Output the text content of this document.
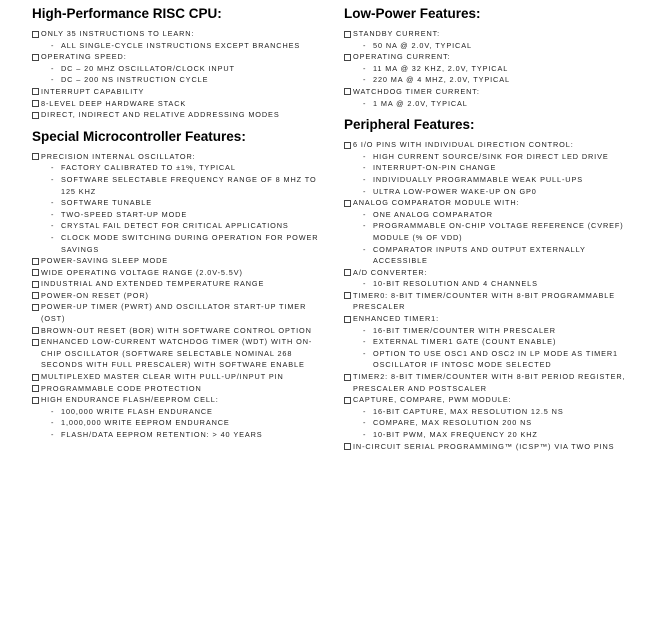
High-Performance RISC CPU:
ONLY 35 INSTRUCTIONS TO LEARN:
- ALL SINGLE-CYCLE INSTRUCTIONS EXCEPT BRANCHES
OPERATING SPEED:
- DC – 20 MHZ OSCILLATOR/CLOCK INPUT
- DC – 200 NS INSTRUCTION CYCLE
INTERRUPT CAPABILITY
8-LEVEL DEEP HARDWARE STACK
DIRECT, INDIRECT AND RELATIVE ADDRESSING MODES
Special Microcontroller Features:
PRECISION INTERNAL OSCILLATOR:
- FACTORY CALIBRATED TO ±1%, TYPICAL
- SOFTWARE SELECTABLE FREQUENCY RANGE OF 8 MHZ TO 125 KHZ
- SOFTWARE TUNABLE
- TWO-SPEED START-UP MODE
- CRYSTAL FAIL DETECT FOR CRITICAL APPLICATIONS
- CLOCK MODE SWITCHING DURING OPERATION FOR POWER SAVINGS
POWER-SAVING SLEEP MODE
WIDE OPERATING VOLTAGE RANGE (2.0V-5.5V)
INDUSTRIAL AND EXTENDED TEMPERATURE RANGE
POWER-ON RESET (POR)
POWER-UP TIMER (PWRT) AND OSCILLATOR START-UP TIMER (OST)
BROWN-OUT RESET (BOR) WITH SOFTWARE CONTROL OPTION
ENHANCED LOW-CURRENT WATCHDOG TIMER (WDT) WITH ON-CHIP OSCILLATOR (SOFTWARE SELECTABLE NOMINAL 268 SECONDS WITH FULL PRESCALER) WITH SOFTWARE ENABLE
MULTIPLEXED MASTER CLEAR WITH PULL-UP/INPUT PIN
PROGRAMMABLE CODE PROTECTION
HIGH ENDURANCE FLASH/EEPROM CELL:
- 100,000 WRITE FLASH ENDURANCE
- 1,000,000 WRITE EEPROM ENDURANCE
- FLASH/DATA EEPROM RETENTION: > 40 YEARS
Low-Power Features:
STANDBY CURRENT:
- 50 NA @ 2.0V, TYPICAL
OPERATING CURRENT:
- 11 ΜA @ 32 KHZ, 2.0V, TYPICAL
- 220 ΜA @ 4 MHZ, 2.0V, TYPICAL
WATCHDOG TIMER CURRENT:
- 1 ΜA @ 2.0V, TYPICAL
Peripheral Features:
6 I/O PINS WITH INDIVIDUAL DIRECTION CONTROL:
- HIGH CURRENT SOURCE/SINK FOR DIRECT LED DRIVE
- INTERRUPT-ON-PIN CHANGE
- INDIVIDUALLY PROGRAMMABLE WEAK PULL-UPS
- ULTRA LOW-POWER WAKE-UP ON GP0
ANALOG COMPARATOR MODULE WITH:
- ONE ANALOG COMPARATOR
- PROGRAMMABLE ON-CHIP VOLTAGE REFERENCE (CVREF) MODULE (% OF VDD)
- COMPARATOR INPUTS AND OUTPUT EXTERNALLY ACCESSIBLE
A/D CONVERTER:
- 10-BIT RESOLUTION AND 4 CHANNELS
TIMER0: 8-BIT TIMER/COUNTER WITH 8-BIT PROGRAMMABLE PRESCALER
ENHANCED TIMER1:
- 16-BIT TIMER/COUNTER WITH PRESCALER
- EXTERNAL TIMER1 GATE (COUNT ENABLE)
- OPTION TO USE OSC1 AND OSC2 IN LP MODE AS TIMER1 OSCILLATOR IF INTOSC MODE SELECTED
TIMER2: 8-BIT TIMER/COUNTER WITH 8-BIT PERIOD REGISTER, PRESCALER AND POSTSCALER
CAPTURE, COMPARE, PWM MODULE:
- 16-BIT CAPTURE, MAX RESOLUTION 12.5 NS
- COMPARE, MAX RESOLUTION 200 NS
- 10-BIT PWM, MAX FREQUENCY 20 KHZ
IN-CIRCUIT SERIAL PROGRAMMING™ (ICSP™) VIA TWO PINS
